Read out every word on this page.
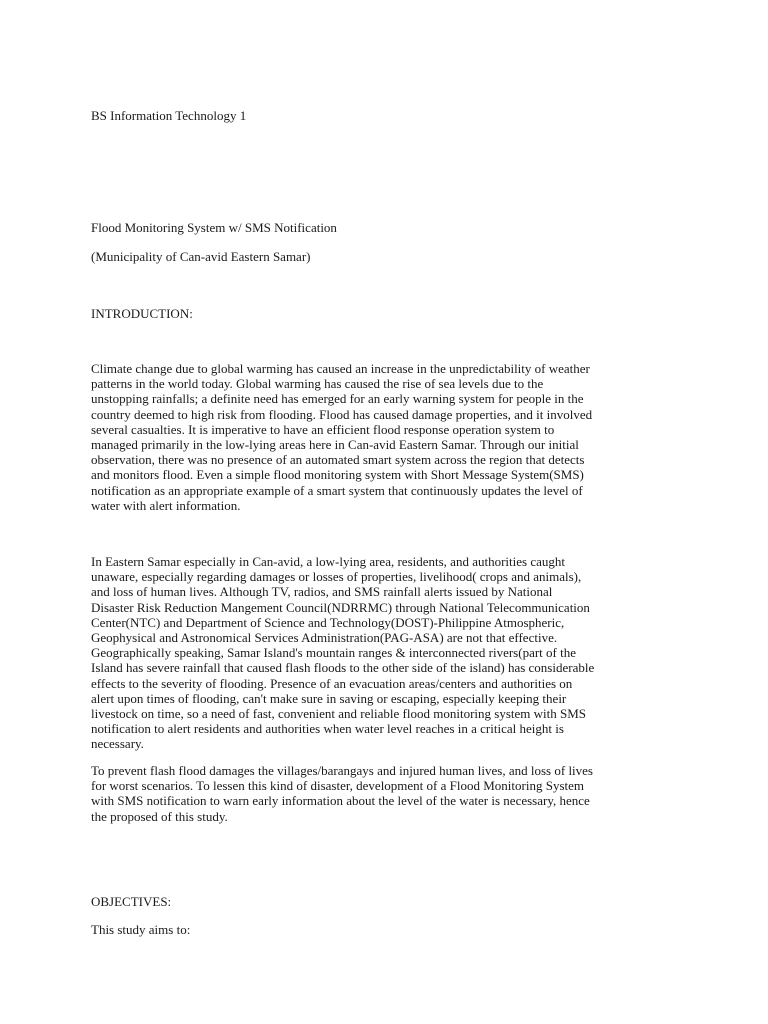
BS Information Technology 1

Flood Monitoring System w/ SMS Notification

(Municipality of Can-avid Eastern Samar)

INTRODUCTION:

Climate change due to global warming has caused an increase in the unpredictability of weather
patterns in the world today. Global warming has caused the rise of sea levels due to the
unstopping rainfalls; a definite need has emerged for an early warning system for people in the
country deemed to high risk from flooding. Flood has caused damage properties, and it involved
several casualties. It is imperative to have an efficient flood response operation system to
managed primarily in the low-lying areas here in Can-avid Eastern Samar. Through our initial
observation, there was no presence of an automated smart system across the region that detects
and monitors flood. Even a simple flood monitoring system with Short Message System(SMS)
notification as an appropriate example of a smart system that continuously updates the level of
water with alert information.
In Eastern Samar especially in Can-avid, a low-lying area, residents, and authorities caught
unaware, especially regarding damages or losses of properties, livelihood( crops and animals),
and loss of human lives. Although TV, radios, and SMS rainfall alerts issued by National
Disaster Risk Reduction Mangement Council(NDRRMC) through National Telecommunication
Center(NTC) and Department of Science and Technology(DOST)-Philippine Atmospheric,
Geophysical and Astronomical Services Administration(PAG-ASA) are not that effective.
Geographically speaking, Samar Island's mountain ranges & interconnected rivers(part of the
Island has severe rainfall that caused flash floods to the other side of the island) has considerable
effects to the severity of flooding. Presence of an evacuation areas/centers and authorities on
alert upon times of flooding, can't make sure in saving or escaping, especially keeping their
livestock on time, so a need of fast, convenient and reliable flood monitoring system with SMS
notification to alert residents and authorities when water level reaches in a critical height is
necessary.
To prevent flash flood damages the villages/barangays and injured human lives, and loss of lives
for worst scenarios. To lessen this kind of disaster, development of a Flood Monitoring System
with SMS notification to warn early information about the level of the water is necessary, hence
the proposed of this study.

OBJECTIVES:

This study aims to:
